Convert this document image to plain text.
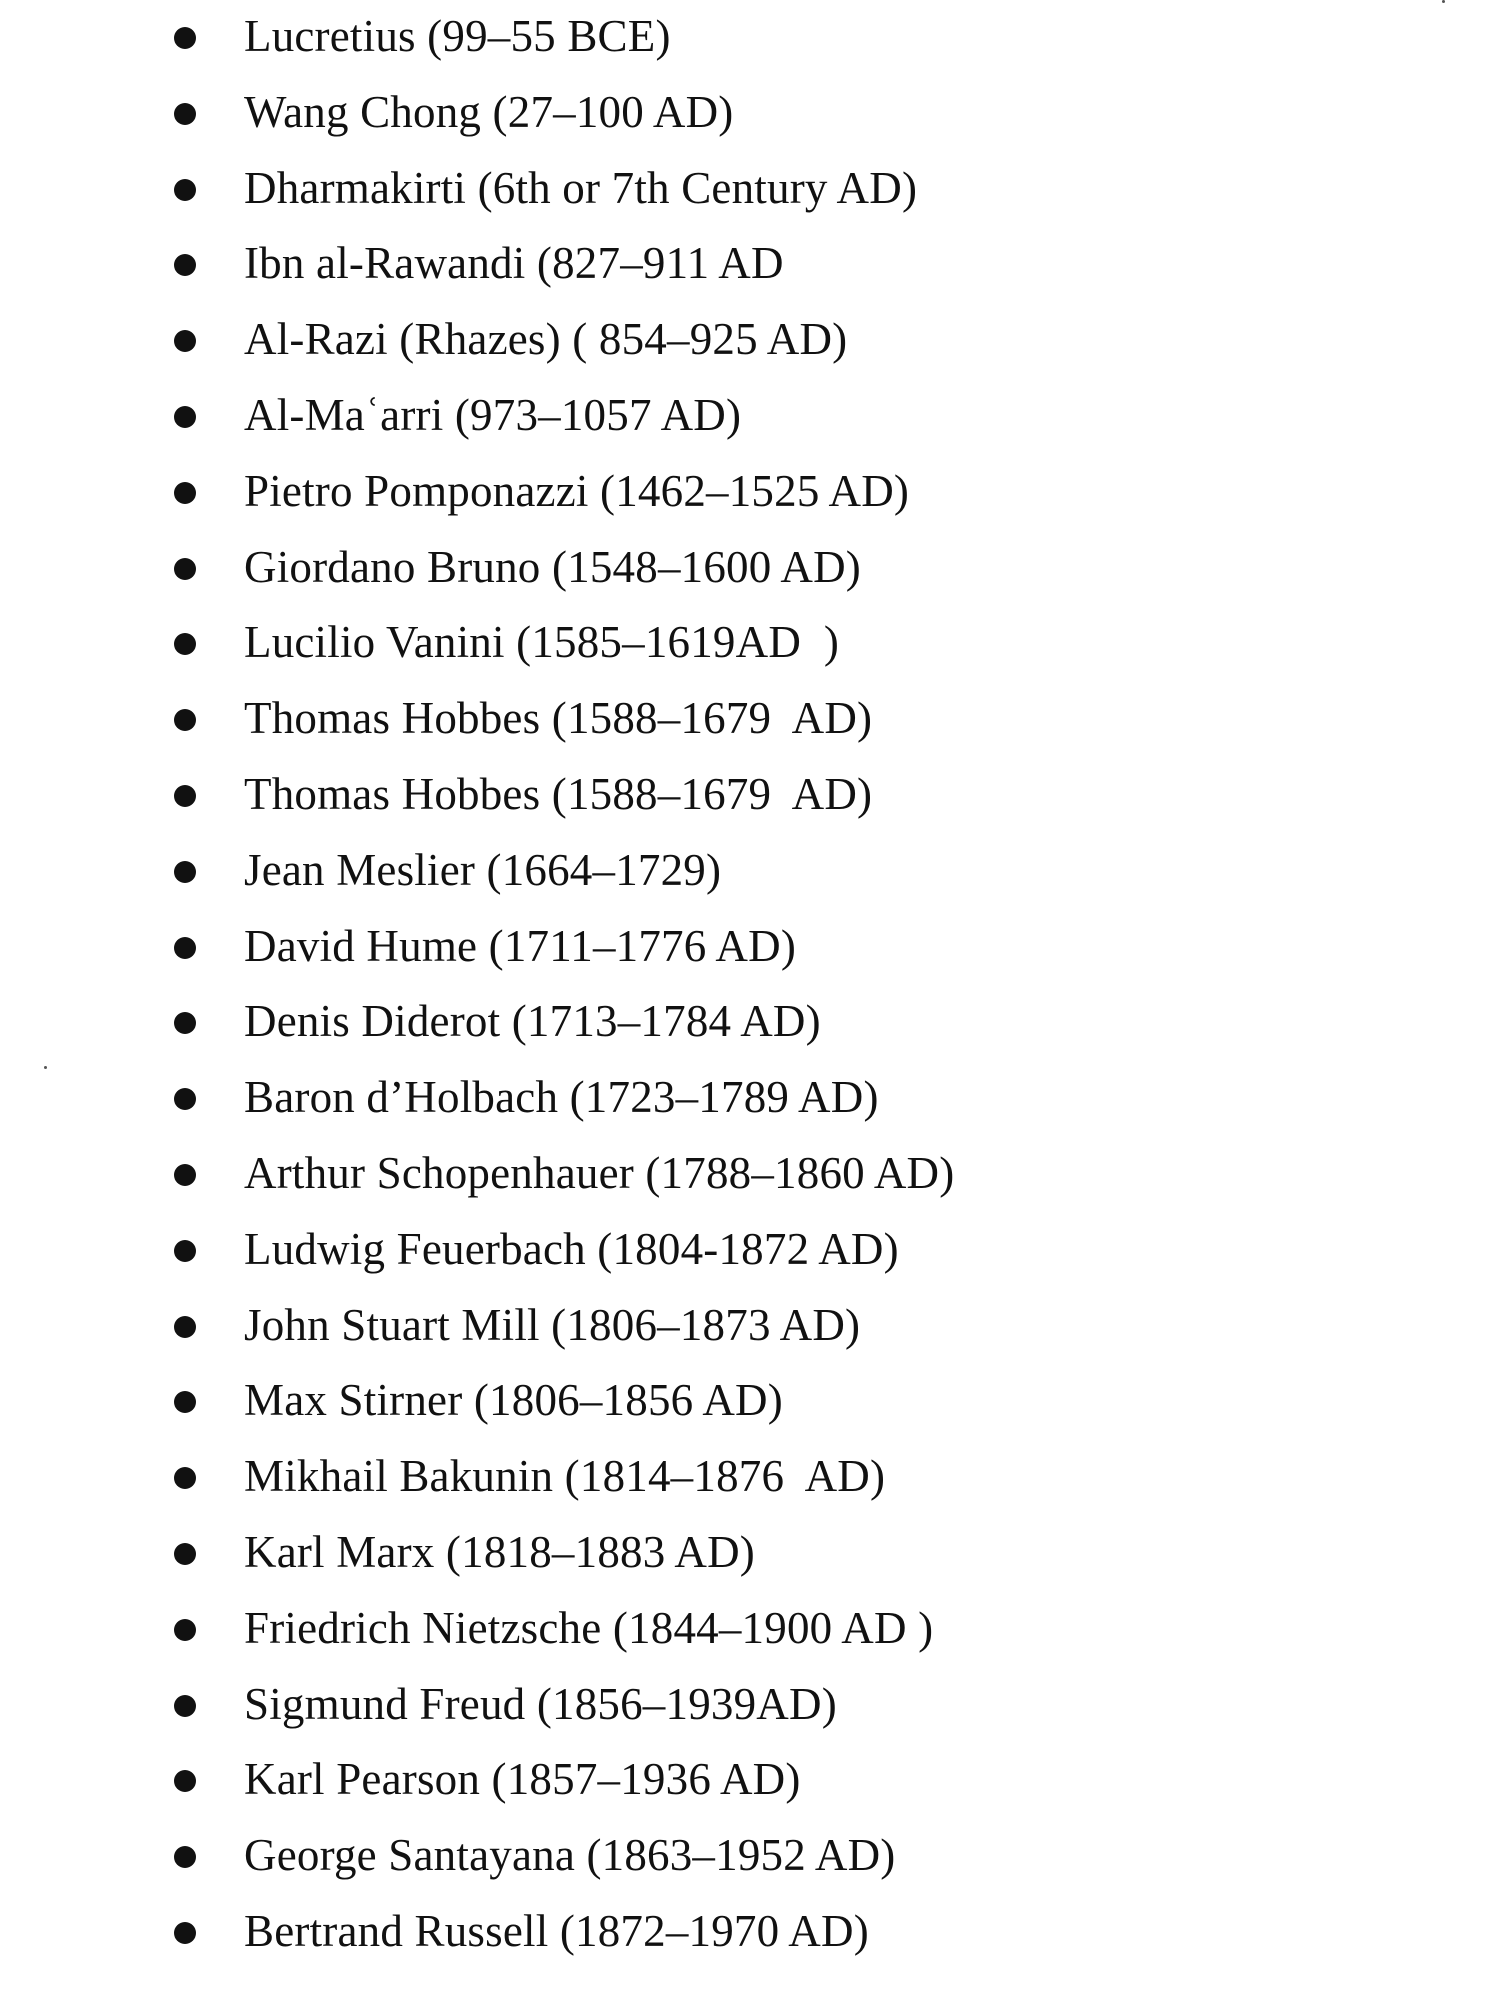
Lucretius (99–55 BCE)
Wang Chong (27–100 AD)
Dharmakirti (6th or 7th Century AD)
Ibn al-Rawandi (827–911 AD
Al-Razi (Rhazes) ( 854–925 AD)
Al-Maʿarri (973–1057 AD)
Pietro Pomponazzi (1462–1525 AD)
Giordano Bruno (1548–1600 AD)
Lucilio Vanini (1585–1619AD  )
Thomas Hobbes (1588–1679  AD)
Thomas Hobbes (1588–1679  AD)
Jean Meslier (1664–1729)
David Hume (1711–1776 AD)
Denis Diderot (1713–1784 AD)
Baron d’Holbach (1723–1789 AD)
Arthur Schopenhauer (1788–1860 AD)
Ludwig Feuerbach (1804-1872 AD)
John Stuart Mill (1806–1873 AD)
Max Stirner (1806–1856 AD)
Mikhail Bakunin (1814–1876  AD)
Karl Marx (1818–1883 AD)
Friedrich Nietzsche (1844–1900 AD )
Sigmund Freud (1856–1939AD)
Karl Pearson (1857–1936 AD)
George Santayana (1863–1952 AD)
Bertrand Russell (1872–1970 AD)
